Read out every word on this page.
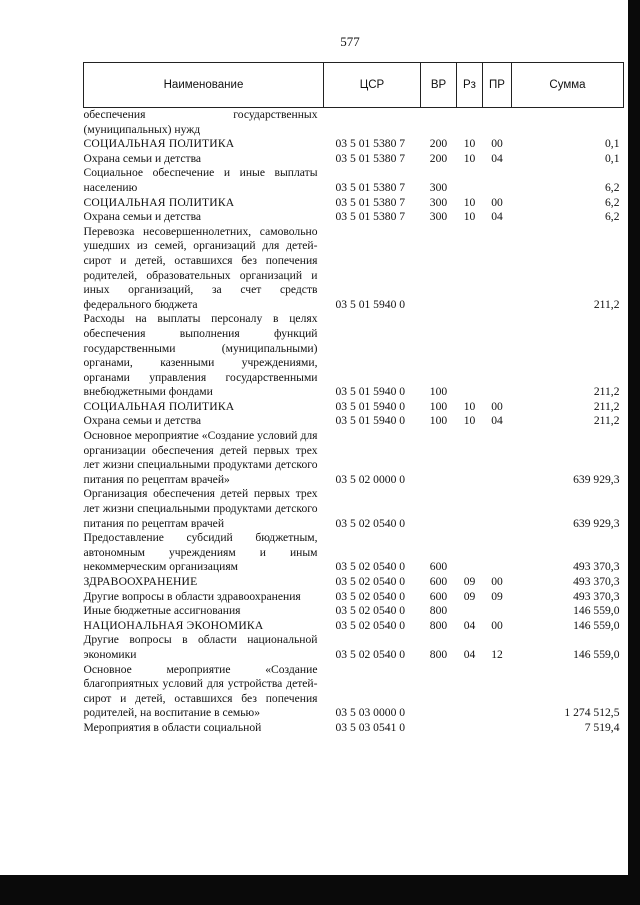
577
Наименование	ЦСР	ВР	Рз	ПР	Сумма
обеспечения государственных (муниципальных) нужд					
СОЦИАЛЬНАЯ ПОЛИТИКА	03 5 01 5380 7	200	10	00	0,1
Охрана семьи и детства	03 5 01 5380 7	200	10	04	0,1
Социальное обеспечение и иные выплаты населению	03 5 01 5380 7	300			6,2
СОЦИАЛЬНАЯ ПОЛИТИКА	03 5 01 5380 7	300	10	00	6,2
Охрана семьи и детства	03 5 01 5380 7	300	10	04	6,2
Перевозка несовершеннолетних, самовольно ушедших из семей, организаций для детей-сирот и детей, оставшихся без попечения родителей, образовательных организаций и иных организаций, за счет средств федерального бюджета	03 5 01 5940 0				211,2
Расходы на выплаты персоналу в целях обеспечения выполнения функций государственными (муниципальными) органами, казенными учреждениями, органами управления государственными внебюджетными фондами	03 5 01 5940 0	100			211,2
СОЦИАЛЬНАЯ ПОЛИТИКА	03 5 01 5940 0	100	10	00	211,2
Охрана семьи и детства	03 5 01 5940 0	100	10	04	211,2
Основное мероприятие «Создание условий для организации обеспечения детей первых трех лет жизни специальными продуктами детского питания по рецептам врачей»	03 5 02 0000 0				639 929,3
Организация обеспечения детей первых трех лет жизни специальными продуктами детского питания по рецептам врачей	03 5 02 0540 0				639 929,3
Предоставление субсидий бюджетным, автономным учреждениям и иным некоммерческим организациям	03 5 02 0540 0	600			493 370,3
ЗДРАВООХРАНЕНИЕ	03 5 02 0540 0	600	09	00	493 370,3
Другие вопросы в области здравоохранения	03 5 02 0540 0	600	09	09	493 370,3
Иные бюджетные ассигнования	03 5 02 0540 0	800			146 559,0
НАЦИОНАЛЬНАЯ ЭКОНОМИКА	03 5 02 0540 0	800	04	00	146 559,0
Другие вопросы в области национальной экономики	03 5 02 0540 0	800	04	12	146 559,0
Основное мероприятие «Создание благоприятных условий для устройства детей-сирот и детей, оставшихся без попечения родителей, на воспитание в семью»	03 5 03 0000 0				1 274 512,5
Мероприятия в области социальной	03 5 03 0541 0				7 519,4
